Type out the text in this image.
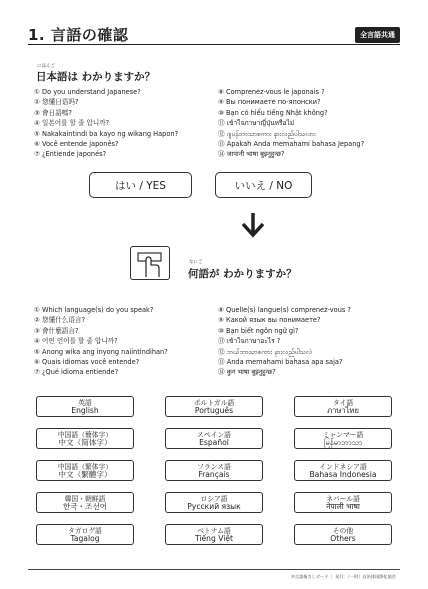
1. 言語の確認	全言語共通
にほんご
日本語は わかりますか？
① Do you understand Japanese?
② 您懂日语吗?
③ 會日語嗎?
④ 일본어를 할 줄 압니까?
⑤ Nakakaintindi ba kayo ng wikang Hapon?
⑥ Você entende japonês?
⑦ ¿Entiende japonés?
⑧ Comprenez-vous le japonais ?
⑨ Вы понимаете по-японски?
⑩ Bạn có hiểu tiếng Nhật không?
⑪ เข้าใจภาษาญี่ปุ่นหรือไม่
⑫ ဂျပန်ဘာသာစကား နားလည်ပါသလား
⑬ Apakah Anda memahami bahasa Jepang?
⑭ जापानी भाषा बुझ्नुहुन्छ?
はい / YES	いいえ / NO
なにご
何語が わかりますか？
① Which language(s) do you speak?
② 您懂什么语言?
③ 會什麼語言?
④ 어떤 언어를 할 줄 압니까?
⑤ Anong wika ang inyong naiintindihan?
⑥ Quais idiomas você entende?
⑦ ¿Qué idioma entiende?
⑧ Quelle(s) langue(s) comprenez-vous ?
⑨ Какой язык вы понимаете?
⑩ Bạn biết ngôn ngữ gì?
⑪ เข้าใจภาษาอะไร ?
⑫ ဘယ်ဘာသာစကား နားလည်ပါသလဲ
⑬ Anda memahami bahasa apa saja?
⑭ कुन भाषा बुझ्नुहुन्छ?
英語
English
ポルトガル語
Português
タイ語
ภาษาไทย
中国語（簡体字）
中文（简体字）
スペイン語
Español
ミャンマー語
မြန်မာဘာသာ
中国語（繁体字）
中文（繁體字）
フランス語
Français
インドネシア語
Bahasa Indonesia
韓国・朝鮮語
한국・조선어
ロシア語
Русский язык
ネパール語
नेपाली भाषा
タガログ語
Tagalog
ベトナム語
Tiếng Việt
その他
Others
多言語指さしボード ｜ 発行：（一財）自治体国際化協会
